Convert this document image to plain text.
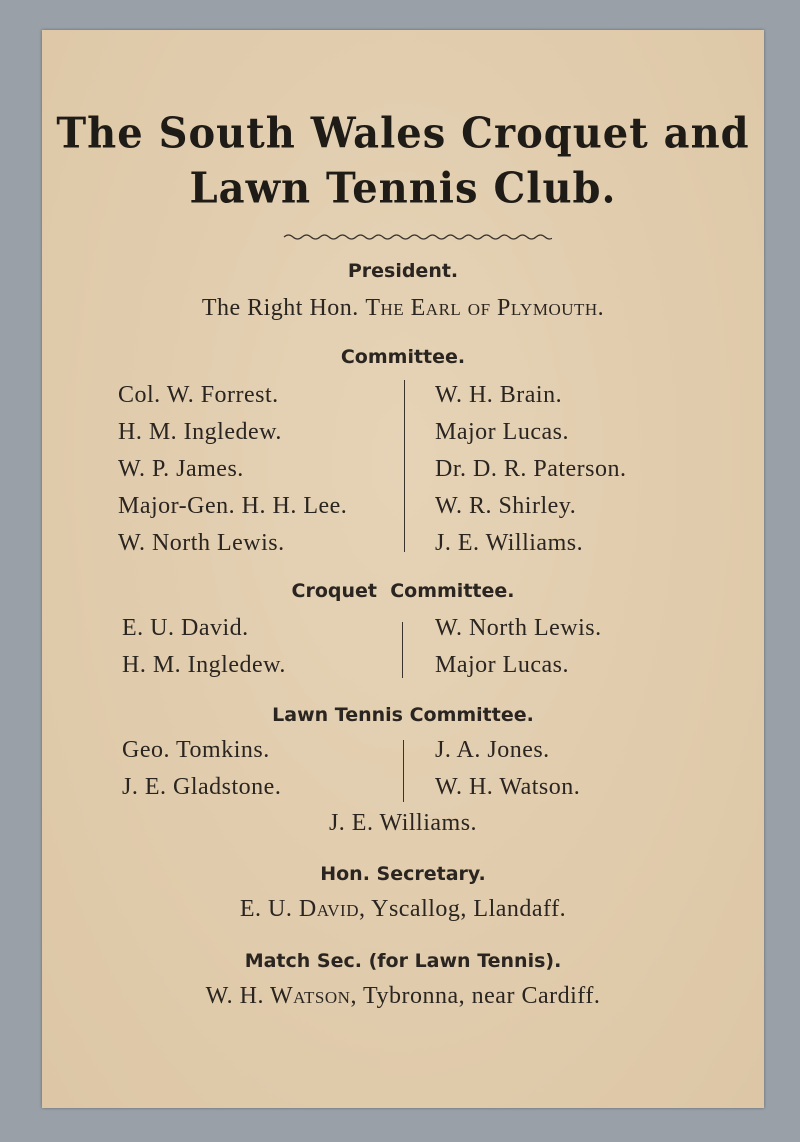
The South Wales Croquet and
Lawn Tennis Club.
President.
The Right Hon. The Earl of Plymouth.
Committee.
Col. W. Forrest.
H. M. Ingledew.
W. P. James.
Major-Gen. H. H. Lee.
W. North Lewis.
W. H. Brain.
Major Lucas.
Dr. D. R. Paterson.
W. R. Shirley.
J. E. Williams.
Croquet  Committee.
E. U. David.
H. M. Ingledew.
W. North Lewis.
Major Lucas.
Lawn Tennis Committee.
Geo. Tomkins.
J. E. Gladstone.
J. A. Jones.
W. H. Watson.
J. E. Williams.
Hon. Secretary.
E. U. David, Yscallog, Llandaff.
Match Sec. (for Lawn Tennis).
W. H. Watson, Tybronna, near Cardiff.
